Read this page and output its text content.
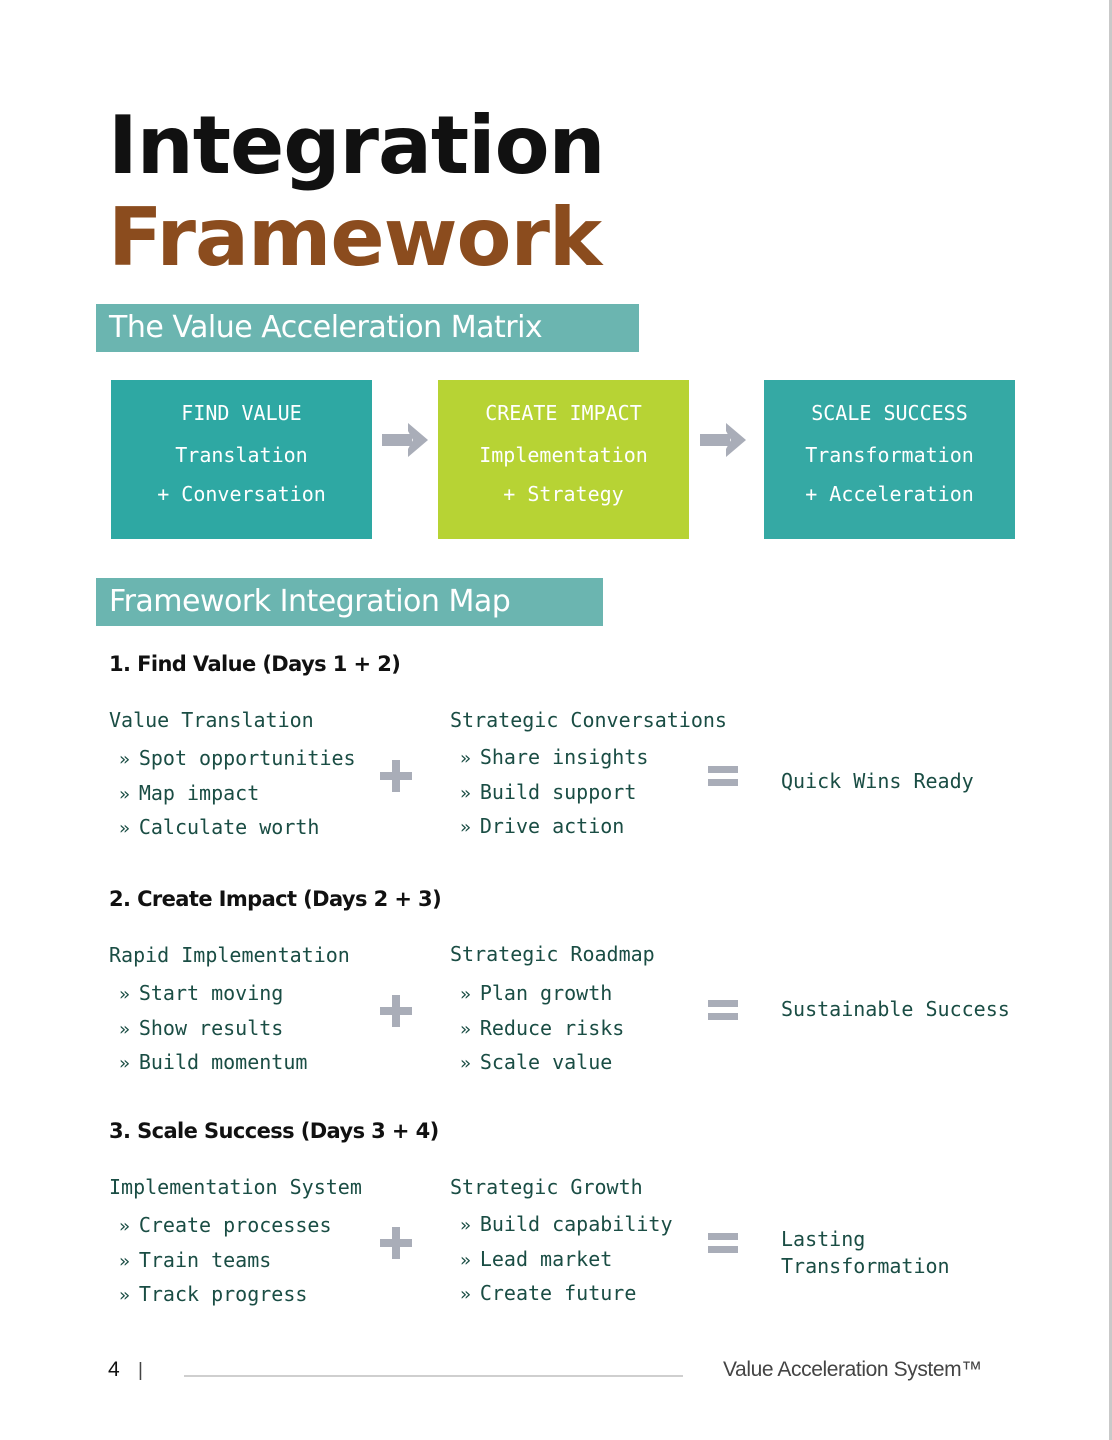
Integration
Framework
The Value Acceleration Matrix
FIND VALUE
Translation
+ Conversation
CREATE IMPACT
Implementation
+ Strategy
SCALE SUCCESS
Transformation
+ Acceleration
Framework Integration Map
1. Find Value (Days 1 + 2)
Value Translation
» Spot opportunities
» Map impact
» Calculate worth
Strategic Conversations
» Share insights
» Build support
» Drive action
Quick Wins Ready
2. Create Impact (Days 2 + 3)
Rapid Implementation
» Start moving
» Show results
» Build momentum
Strategic Roadmap
» Plan growth
» Reduce risks
» Scale value
Sustainable Success
3. Scale Success (Days 3 + 4)
Implementation System
» Create processes
» Train teams
» Track progress
Strategic Growth
» Build capability
» Lead market
» Create future
Lasting
Transformation
4 |	Value Acceleration System™
